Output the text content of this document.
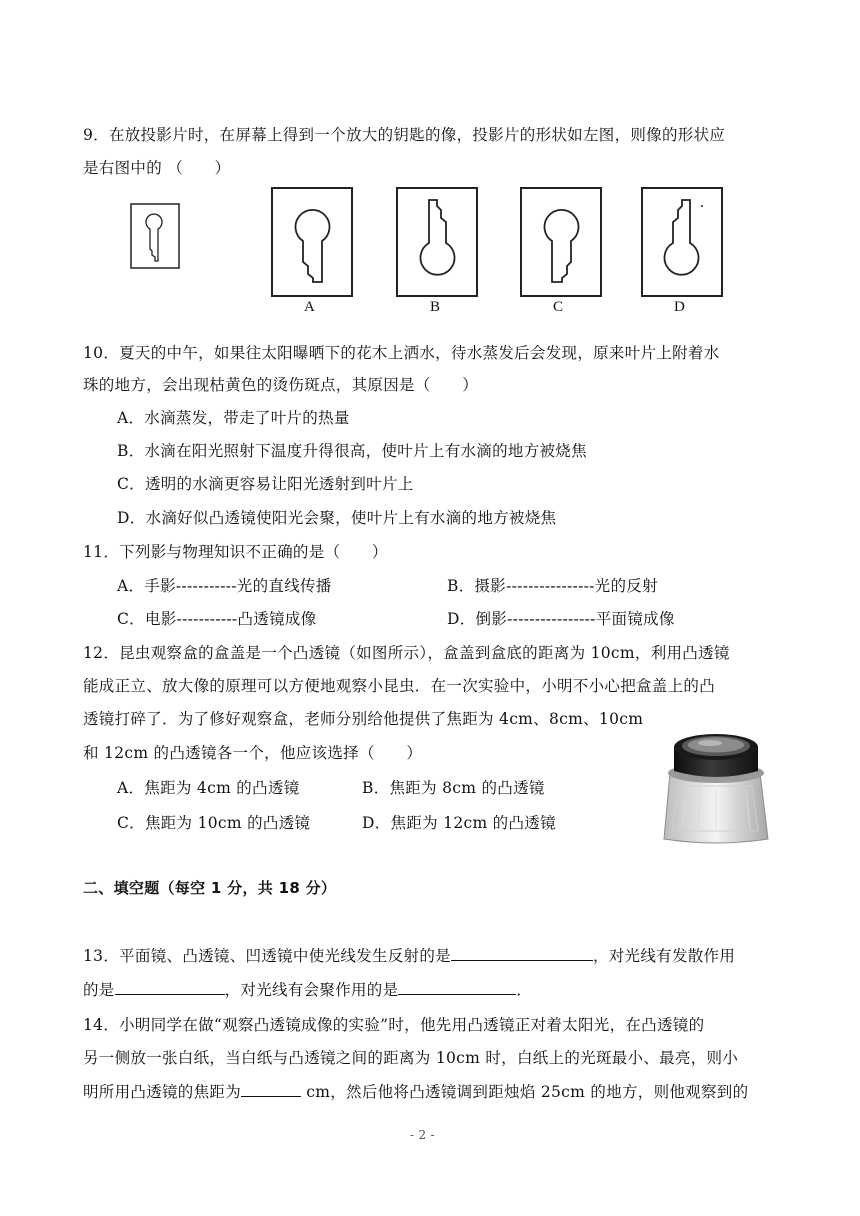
9．在放投影片时，在屏幕上得到一个放大的钥匙的像，投影片的形状如左图，则像的形状应
是右图中的 （　　）
A	B	C	D
10．夏天的中午，如果往太阳曝晒下的花木上洒水，待水蒸发后会发现，原来叶片上附着水
珠的地方，会出现枯黄色的烫伤斑点，其原因是（　　）
A．水滴蒸发，带走了叶片的热量
B．水滴在阳光照射下温度升得很高，使叶片上有水滴的地方被烧焦
C．透明的水滴更容易让阳光透射到叶片上
D．水滴好似凸透镜使阳光会聚，使叶片上有水滴的地方被烧焦
11．下列影与物理知识不正确的是（　　）
A．手影-----------光的直线传播	B．摄影----------------光的反射
C．电影-----------凸透镜成像	D．倒影----------------平面镜成像
12．昆虫观察盒的盒盖是一个凸透镜（如图所示），盒盖到盒底的距离为 10cm，利用凸透镜
能成正立、放大像的原理可以方便地观察小昆虫．在一次实验中，小明不小心把盒盖上的凸
透镜打碎了．为了修好观察盒，老师分别给他提供了焦距为 4cm、8cm、10cm
和 12cm 的凸透镜各一个，他应该选择（　　）
A．焦距为 4cm 的凸透镜	B．焦距为 8cm 的凸透镜
C．焦距为 10cm 的凸透镜	D．焦距为 12cm 的凸透镜
二、填空题（每空 1 分，共 18 分）
13．平面镜、凸透镜、凹透镜中使光线发生反射的是	，对光线有发散作用
的是	，对光线有会聚作用的是	．
14．小明同学在做“观察凸透镜成像的实验”时，他先用凸透镜正对着太阳光，在凸透镜的
另一侧放一张白纸，当白纸与凸透镜之间的距离为 10cm 时，白纸上的光斑最小、最亮，则小
明所用凸透镜的焦距为	cm，然后他将凸透镜调到距烛焰 25cm 的地方，则他观察到的
- 2 -
